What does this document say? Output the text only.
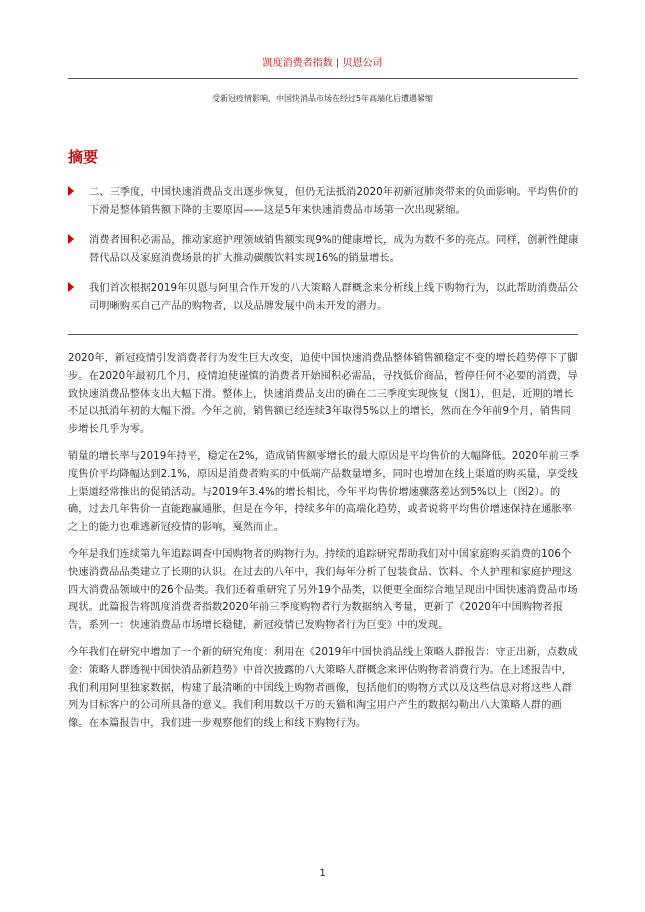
凯度消费者指数 | 贝恩公司
受新冠疫情影响，中国快消品市场在经过5年高端化后遭遇紧缩
摘要
二、三季度，中国快速消费品支出逐步恢复，但仍无法抵消2020年初新冠肺炎带来的负面影响。平均售价的下滑是整体销售额下降的主要原因——这是5年来快速消费品市场第一次出现紧缩。
消费者围积必需品，推动家庭护理领域销售额实现9%的健康增长，成为为数不多的亮点。同样，创新性健康替代品以及家庭消费场景的扩大推动碳酸饮料实现16%的销量增长。
我们首次根据2019年贝恩与阿里合作开发的八大策略人群概念来分析线上线下购物行为，以此帮助消费品公司明晰购买自己产品的购物者，以及品牌发展中尚未开发的潜力。

2020年，新冠疫情引发消费者行为发生巨大改变，迫使中国快速消费品整体销售额稳定不变的增长趋势停下了脚步。在2020年最初几个月，疫情迫使谨慎的消费者开始囤积必需品，寻找低价商品，暂停任何不必要的消费，导致快速消费品整体支出大幅下滑。整体上，快速消费品支出的确在二三季度实现恢复（图1），但是，近期的增长不足以抵消年初的大幅下滑。今年之前，销售额已经连续3年取得5%以上的增长，然而在今年前9个月，销售同步增长几乎为零。

销量的增长率与2019年持平，稳定在2%，造成销售额零增长的最大原因是平均售价的大幅降低。2020年前三季度售价平均降幅达到2.1%，原因是消费者购买的中低端产品数量增多，同时也增加在线上渠道的购买量，享受线上渠道经常推出的促销活动。与2019年3.4%的增长相比，今年平均售价增速骤落差达到5%以上（图2）。的确，过去几年售价一直能跑赢通胀，但是在今年，持续多年的高端化趋势，或者说将平均售价增速保持在通胀率之上的能力也难逃新冠疫情的影响，戛然而止。

今年是我们连续第九年追踪调查中国购物者的购物行为。持续的追踪研究帮助我们对中国家庭购买消费的106个快速消费品品类建立了长期的认识。在过去的八年中，我们每年分析了包装食品、饮料、个人护理和家庭护理这四大消费品领域中的26个品类。我们还着重研究了另外19个品类，以便更全面综合地呈现出中国快速消费品市场现状。此篇报告将凯度消费者指数2020年前三季度购物者行为数据纳入考量，更新了《2020年中国购物者报告，系列一：快速消费品市场增长稳健，新冠疫情已发购物者行为巨变》中的发现。

今年我们在研究中增加了一个新的研究角度：利用在《2019年中国快消品线上策略人群报告：守正出新，点数成金：策略人群透视中国快消品新趋势》中首次披露的八大策略人群概念来评估购物者消费行为。在上述报告中，我们利用阿里独家数据，构建了最清晰的中国线上购物者画像，包括他们的购物方式以及这些信息对将这些人群列为目标客户的公司所具备的意义。我们利用数以千万的天猫和淘宝用户产生的数据勾勒出八大策略人群的画像。在本篇报告中，我们进一步观察他们的线上和线下购物行为。

1
